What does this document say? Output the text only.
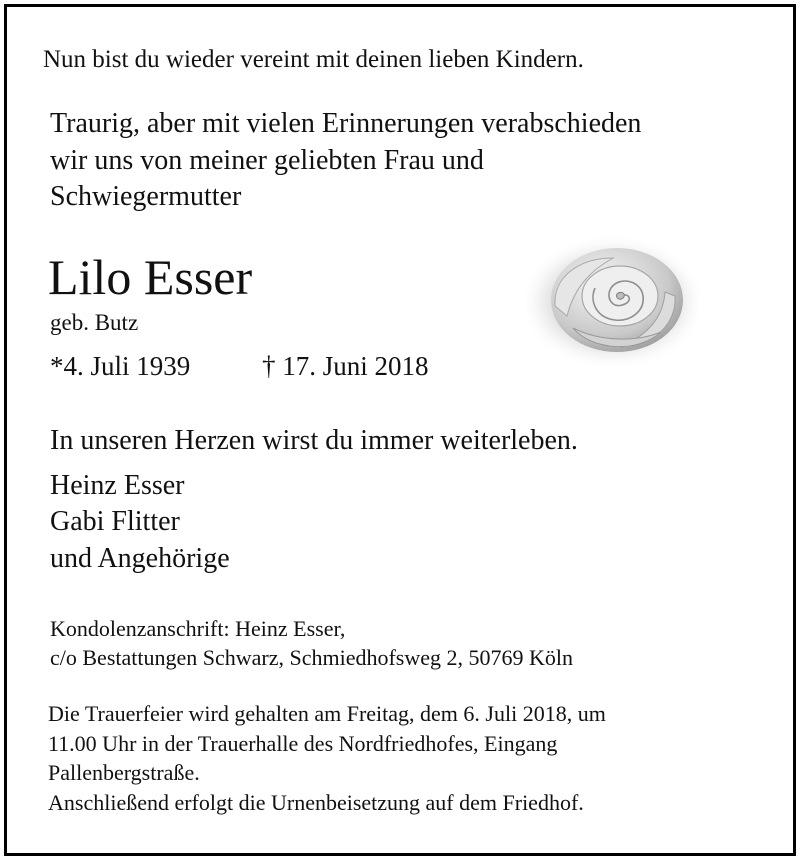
Nun bist du wieder vereint mit deinen lieben Kindern.

Traurig, aber mit vielen Erinnerungen verabschieden

wir uns von meiner geliebten Frau und

Schwiegermutter

Lilo Esser

geb. Butz

*4. Juli 1939	† 17. Juni 2018

In unseren Herzen wirst du immer weiterleben.

Heinz Esser

Gabi Flitter

und Angehörige

Kondolenzanschrift: Heinz Esser,

c/o Bestattungen Schwarz, Schmiedhofsweg 2, 50769 Köln

Die Trauerfeier wird gehalten am Freitag, dem 6. Juli 2018, um

11.00 Uhr in der Trauerhalle des Nordfriedhofes, Eingang

Pallenbergstraße.

Anschließend erfolgt die Urnenbeisetzung auf dem Friedhof.
